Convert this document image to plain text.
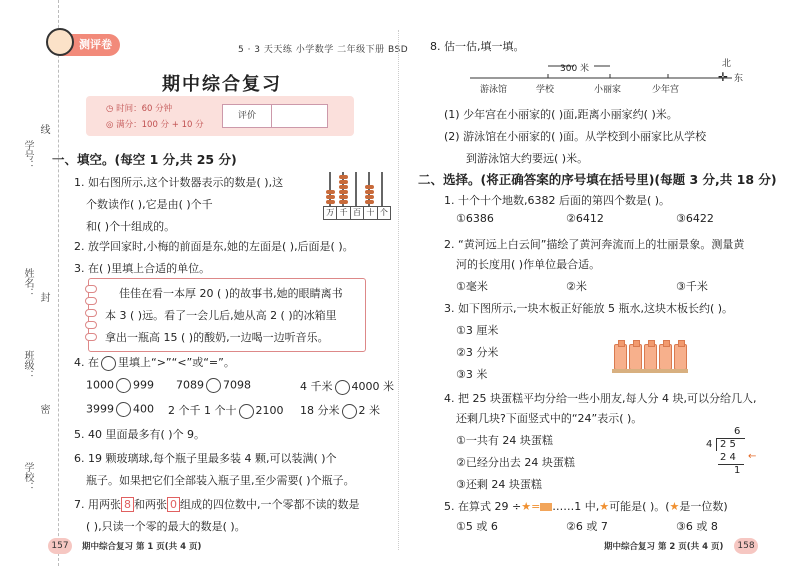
学号：
姓名：
班级：
学校：
线
封
密
测评卷	5 · 3 天天练 小学数学 二年级下册 BSD
期中综合复习
◷ 时间：60 分钟
◎ 满分：100 分 + 10 分
评价
一、填空。(每空 1 分,共 25 分)
1. 如右图所示,这个计数器表示的数是( ),这
个数读作( ),它是由( )个千
和( )个十组成的。
万 千 百 十 个
2. 放学回家时,小梅的前面是东,她的左面是( ),后面是( )。
3. 在( )里填上合适的单位。
佳佳在看一本厚 20 ( )的故事书,她的眼睛离书
本 3 ( )远。看了一会儿后,她从高 2 ( )的冰箱里
拿出一瓶高 15 ( )的酸奶,一边喝一边听音乐。
4. 在 里填上“>”“<”或“=”。
1000 999 7089 7098	4 千米 4000 米
3999 400 2 个千 1 个十 2100 18 分米 2 米
5. 40 里面最多有( )个 9。
6. 19 颗玻璃球,每个瓶子里最多装 4 颗,可以装满( )个
瓶子。如果把它们全部装入瓶子里,至少需要( )个瓶子。
7. 用两张 8 和两张 0 组成的四位数中,一个零都不读的数是
( ),只读一个零的最大的数是( )。
157	期中综合复习 第 1 页(共 4 页)
8. 估一估,填一填。
300 米
游泳馆	学校	小丽家	少年宫
北
✛ 东
(1) 少年宫在小丽家的( )面,距离小丽家约( )米。
(2) 游泳馆在小丽家的( )面。从学校到小丽家比从学校
到游泳馆大约要远( )米。
二、选择。(将正确答案的序号填在括号里)(每题 3 分,共 18 分)
1. 十个十个地数,6382 后面的第四个数是( )。
①6386	②6412	③6422
2. “黄河远上白云间”描绘了黄河奔流而上的壮丽景象。测量黄
河的长度用( )作单位最合适。
①毫米	②米	③千米
3. 如下图所示,一块木板正好能放 5 瓶水,这块木板长约( )。
①3 厘米
②3 分米
③3 米
4. 把 25 块蛋糕平均分给一些小朋友,每人分 4 块,可以分给几人,
还剩几块?下面竖式中的“24”表示( )。
①一共有 24 块蛋糕
②已经分出去 24 块蛋糕
③还剩 24 块蛋糕
6
4 2 5
2 4 ←
1
5. 在算式 29 ÷★= ……1 中,★可能是( )。(★是一位数)
①5 或 6	②6 或 7	③6 或 8
期中综合复习 第 2 页(共 4 页)	158
